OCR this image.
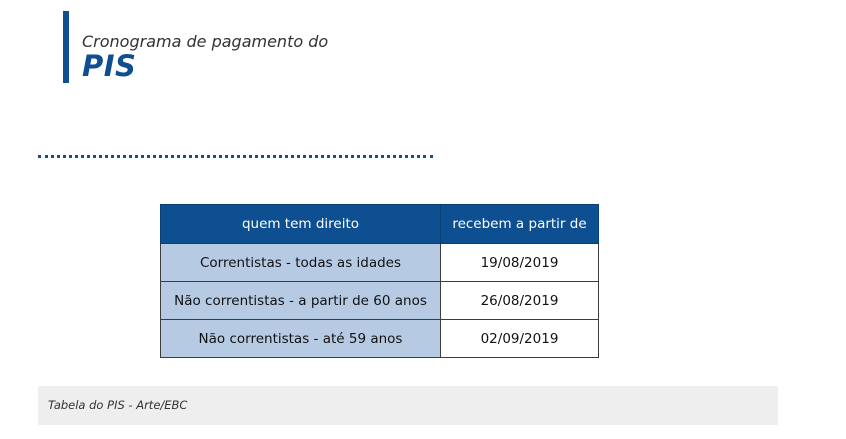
Cronograma de pagamento do
PIS
quem tem direito	recebem a partir de
Correntistas - todas as idades	19/08/2019
Não correntistas - a partir de 60 anos	26/08/2019
Não correntistas - até 59 anos	02/09/2019
Tabela do PIS - Arte/EBC
